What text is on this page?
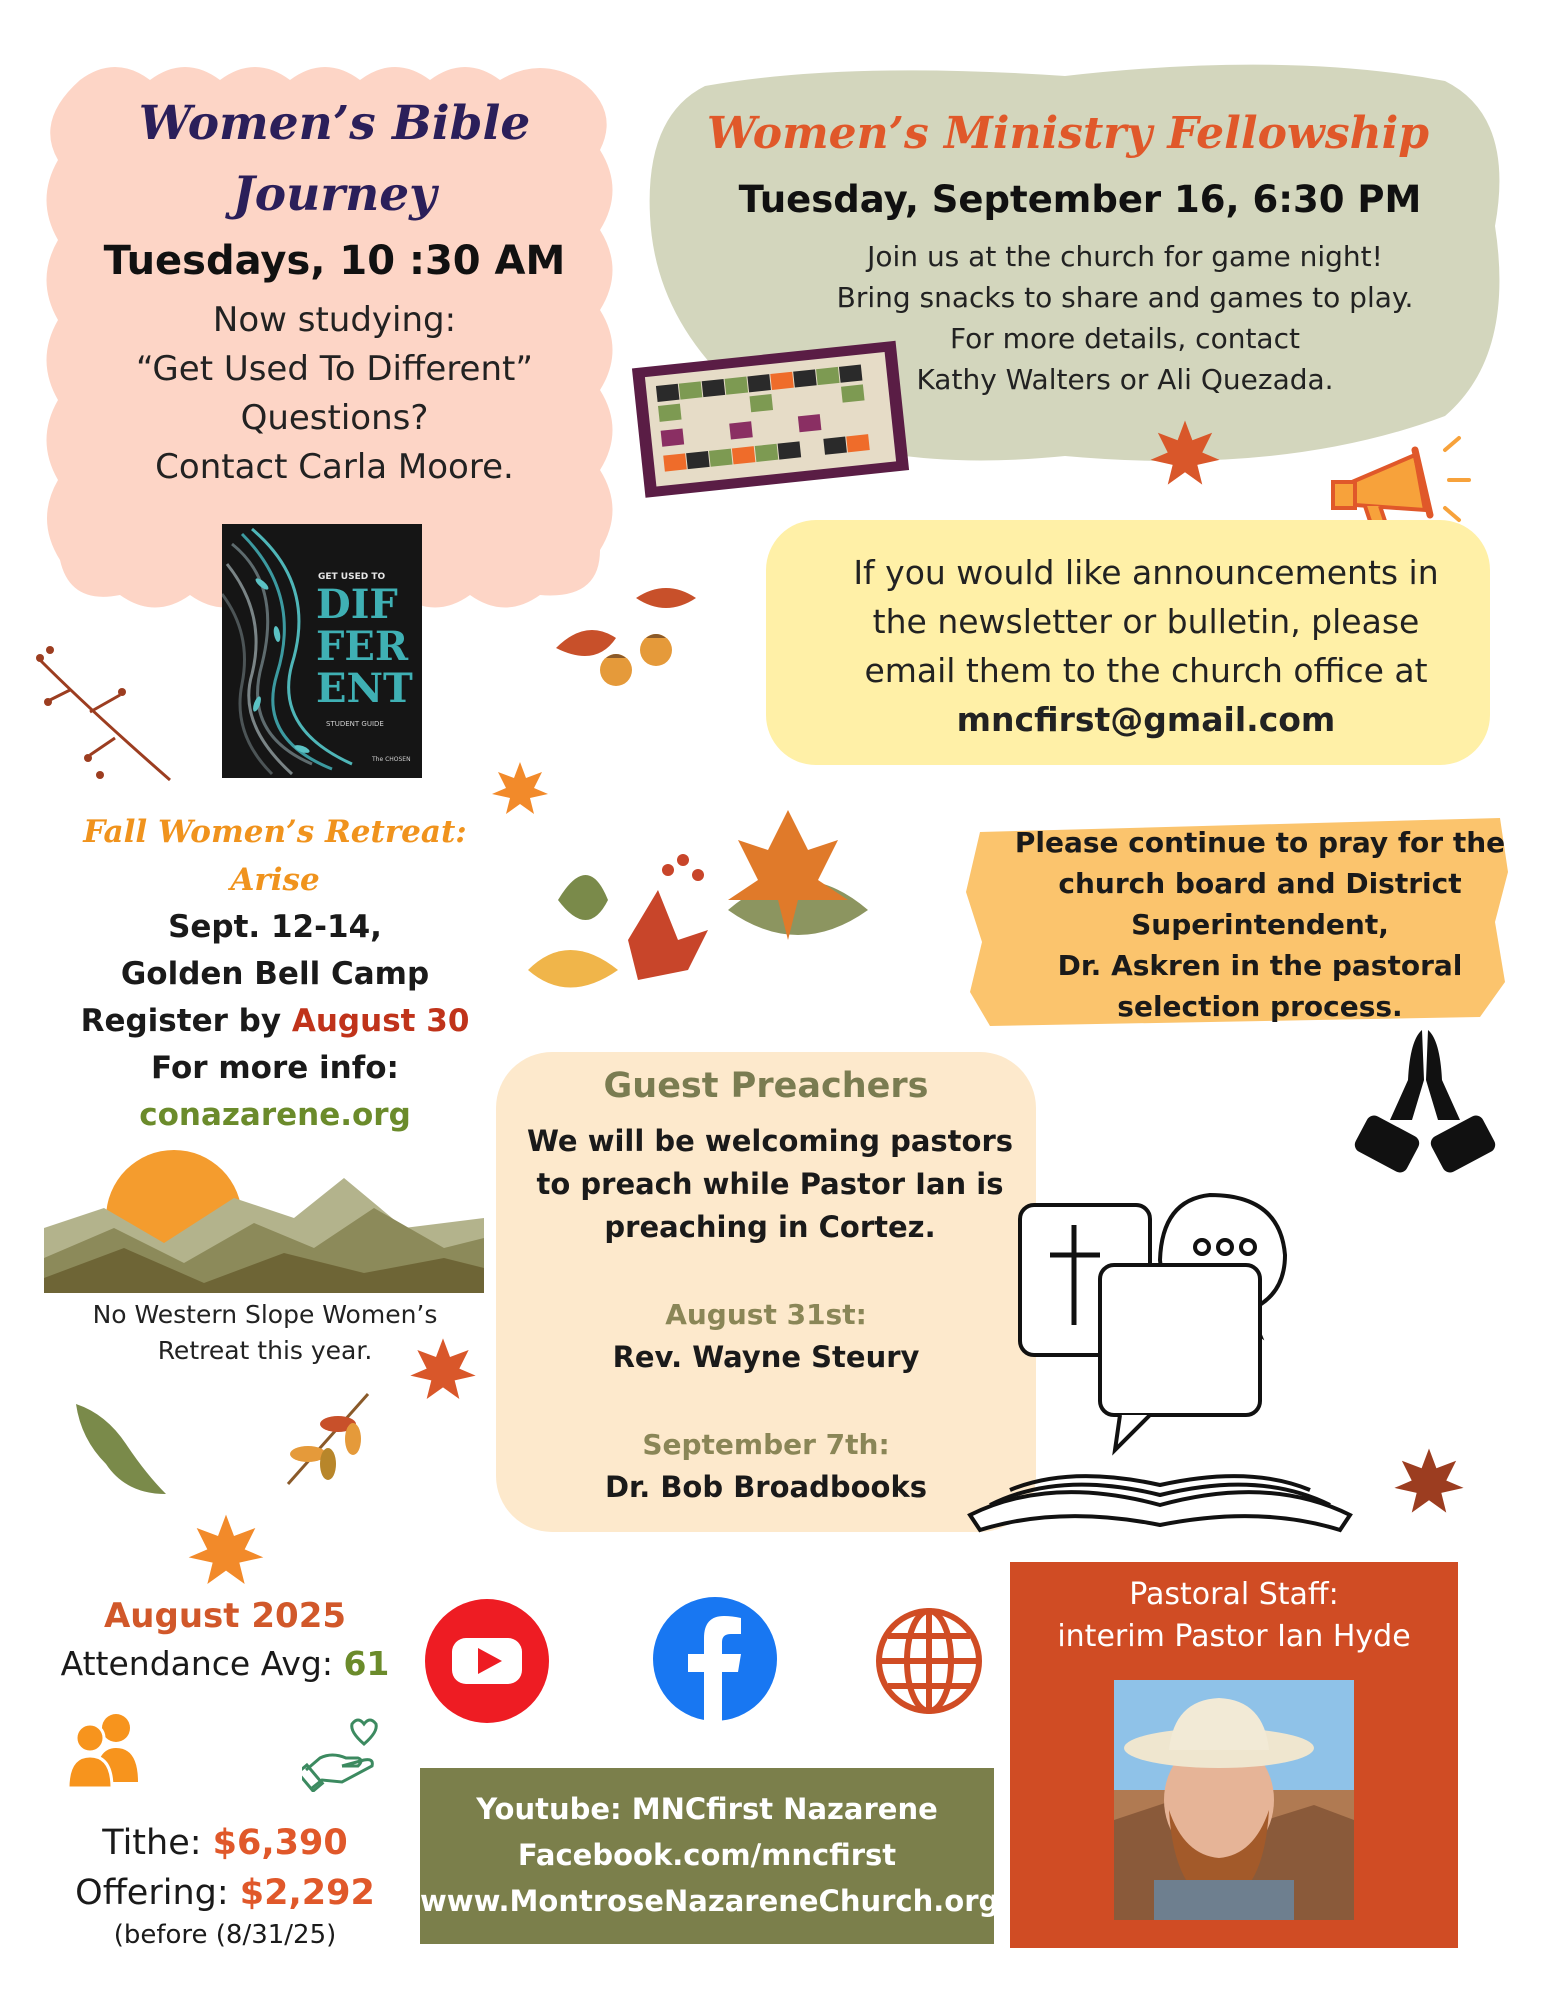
Women’s Bible
Journey
Tuesdays, 10 :30 AM
Now studying:
“Get Used To Different”
Questions?
Contact Carla Moore.
GET USED TO
DIF
FER
ENT
STUDENT GUIDE
The CHOSEN
Women’s Ministry Fellowship
Tuesday, September 16, 6:30 PM
Join us at the church for game night!
Bring snacks to share and games to play.
For more details, contact
Kathy Walters or Ali Quezada.
If you would like announcements in
the newsletter or bulletin, please
email them to the church office at
mncfirst@gmail.com
Please continue to pray for the
church board and District
Superintendent,
Dr. Askren in the pastoral
selection process.
Fall Women’s Retreat:
Arise
Sept. 12-14,
Golden Bell Camp
Register by August 30
For more info:
conazarene.org
No Western Slope Women’s
Retreat this year.
Guest Preachers
We will be welcoming pastors
to preach while Pastor Ian is
preaching in Cortez.
August 31st:
Rev. Wayne Steury
September 7th:
Dr. Bob Broadbooks
August 2025
Attendance Avg: 61
Tithe: $6,390
Offering: $2,292
(before (8/31/25)
Youtube: MNCfirst Nazarene
Facebook.com/mncfirst
www.MontroseNazareneChurch.org
Pastoral Staff:
interim Pastor Ian Hyde
